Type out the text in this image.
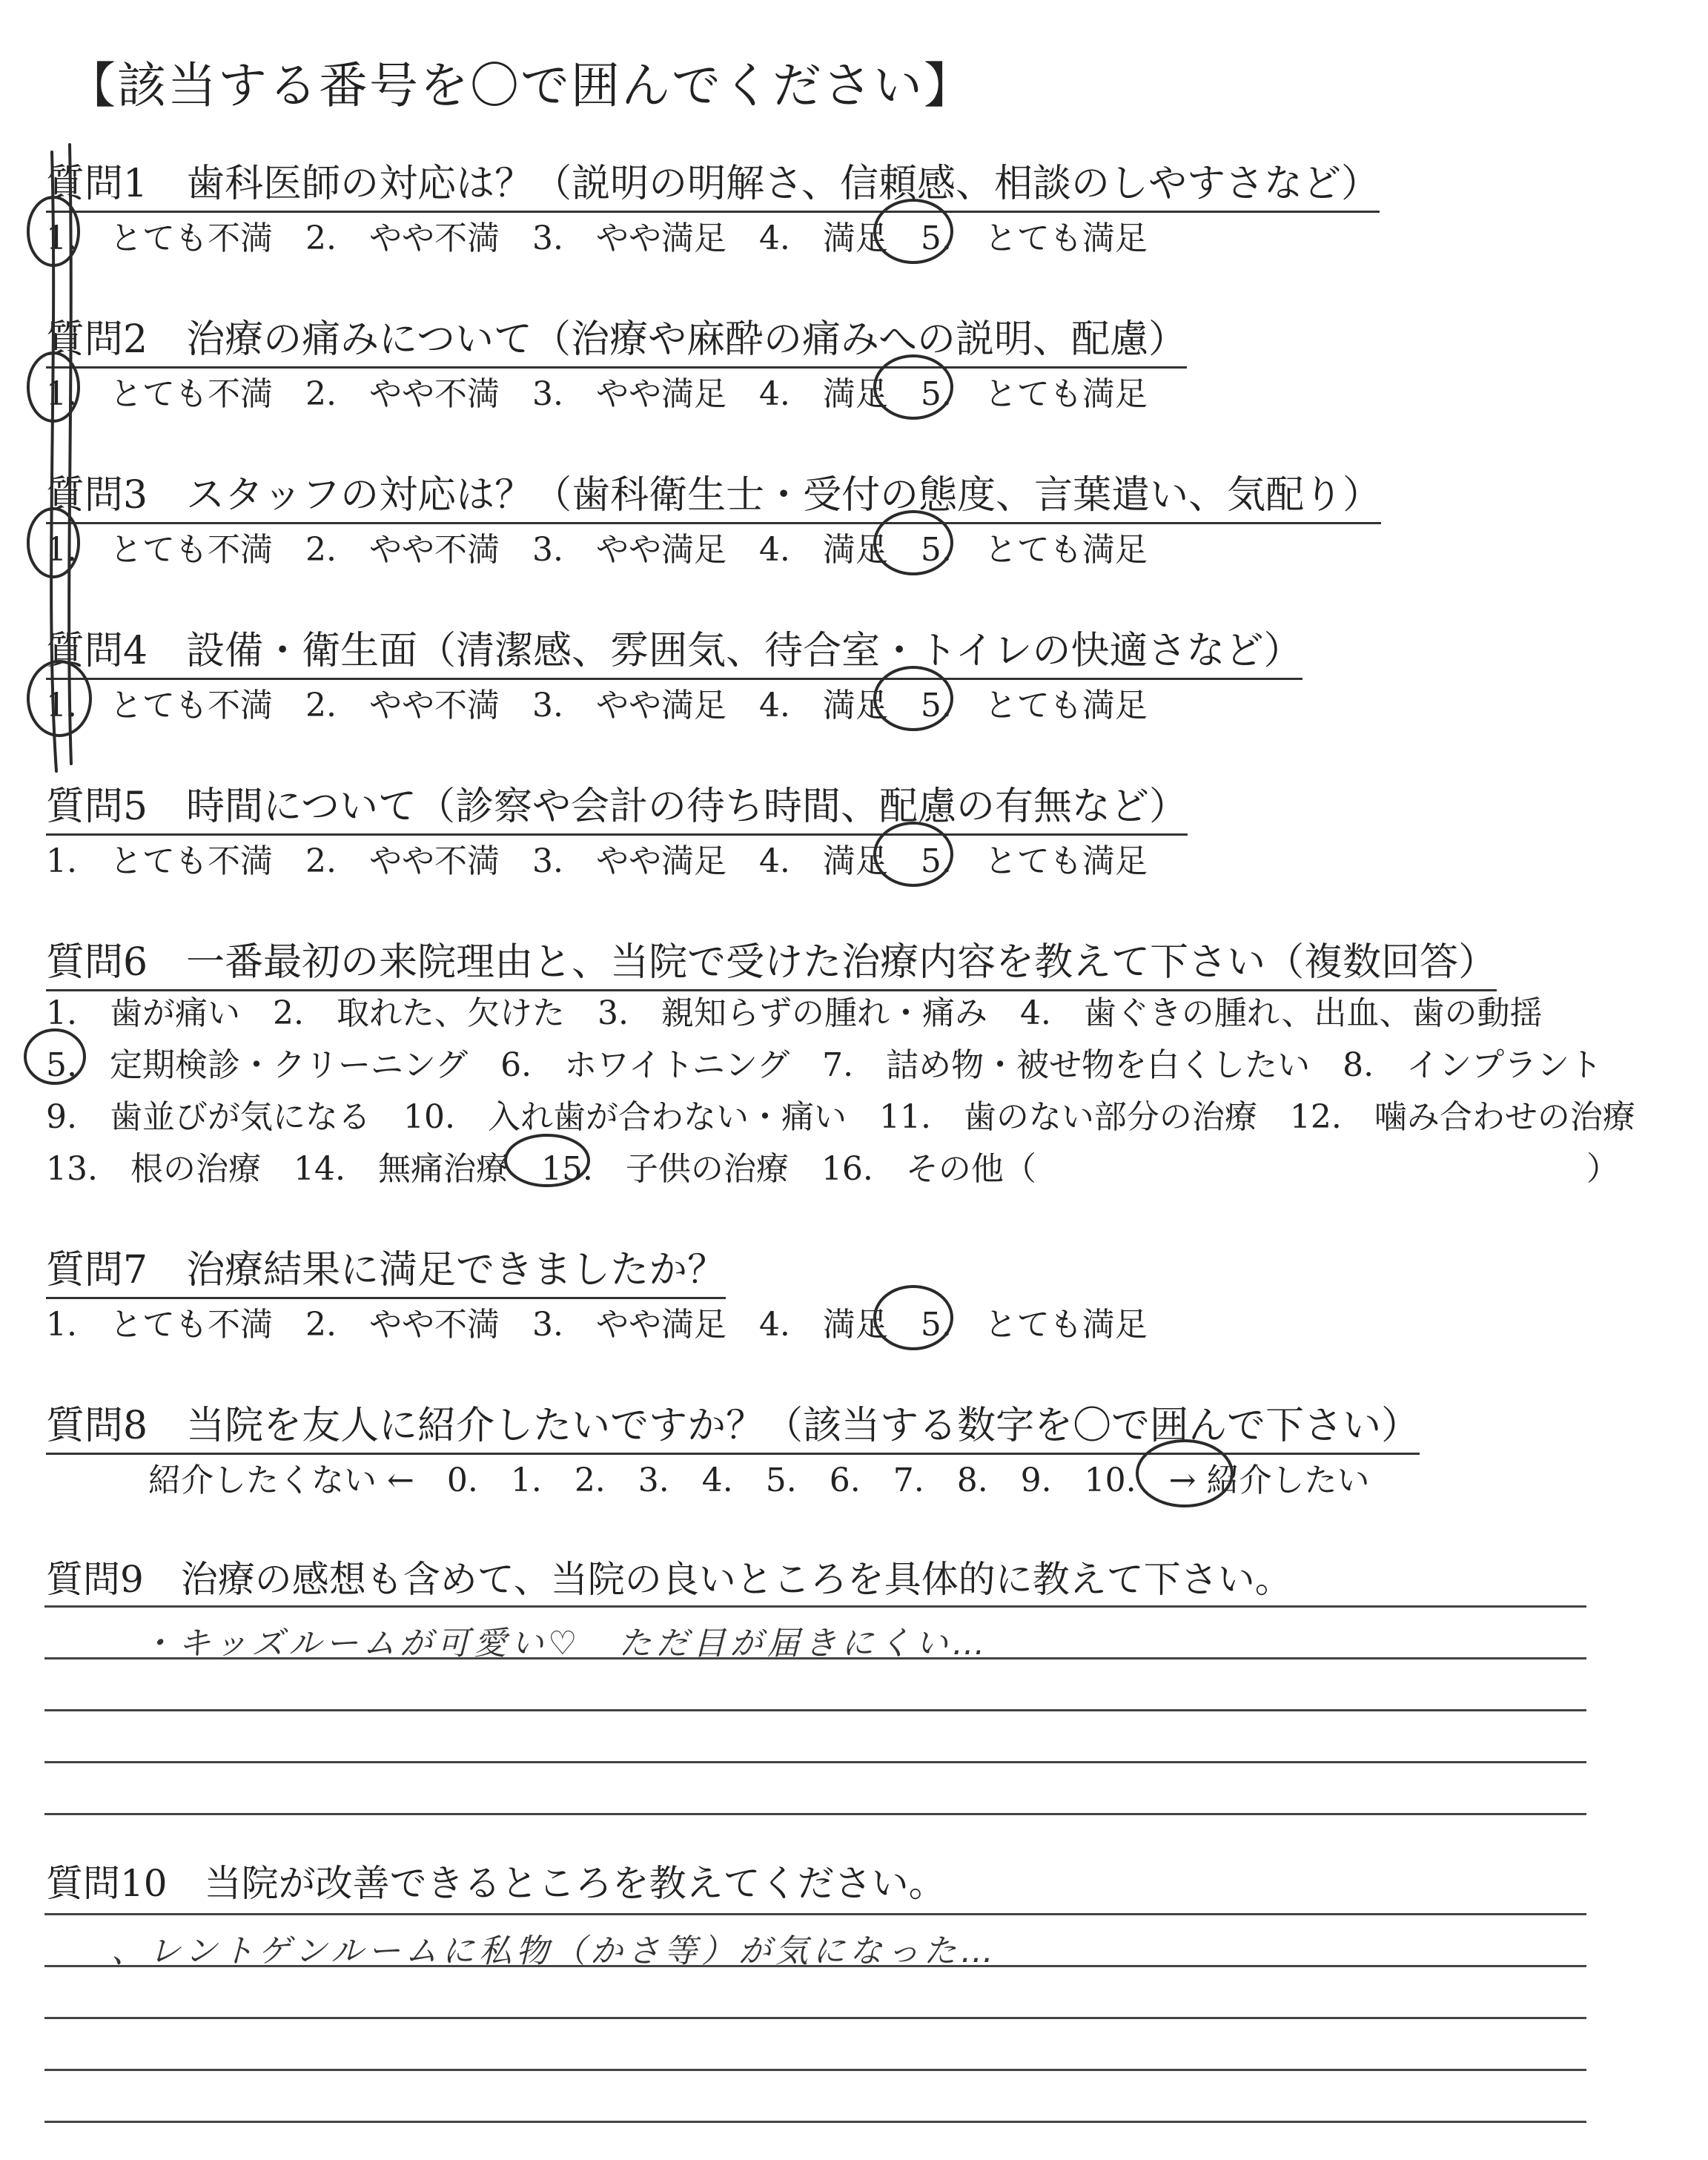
【該当する番号を〇で囲んでください】
質問1　歯科医師の対応は？（説明の明解さ、信頼感、相談のしやすさなど）
1.　とても不満　2.　やや不満　3.　やや満足　4.　満足　5.　とても満足
質問2　治療の痛みについて（治療や麻酔の痛みへの説明、配慮）
1.　とても不満　2.　やや不満　3.　やや満足　4.　満足　5.　とても満足
質問3　スタッフの対応は？（歯科衛生士・受付の態度、言葉遣い、気配り）
1.　とても不満　2.　やや不満　3.　やや満足　4.　満足　5.　とても満足
質問4　設備・衛生面（清潔感、雰囲気、待合室・トイレの快適さなど）
1.　とても不満　2.　やや不満　3.　やや満足　4.　満足　5.　とても満足
質問5　時間について（診察や会計の待ち時間、配慮の有無など）
1.　とても不満　2.　やや不満　3.　やや満足　4.　満足　5.　とても満足
質問6　一番最初の来院理由と、当院で受けた治療内容を教えて下さい（複数回答）
1.　歯が痛い　2.　取れた、欠けた　3.　親知らずの腫れ・痛み　4.　歯ぐきの腫れ、出血、歯の動揺
5.　定期検診・クリーニング　6.　ホワイトニング　7.　詰め物・被せ物を白くしたい　8.　インプラント
9.　歯並びが気になる　10.　入れ歯が合わない・痛い　11.　歯のない部分の治療　12.　噛み合わせの治療
13.　根の治療　14.　無痛治療　15.　子供の治療　16.　その他（	）
質問7　治療結果に満足できましたか？
1.　とても不満　2.　やや不満　3.　やや満足　4.　満足　5.　とても満足
質問8　当院を友人に紹介したいですか？（該当する数字を〇で囲んで下さい）
紹介したくない ←　0.　1.　2.　3.　4.　5.　6.　7.　8.　9.　10.　→ 紹介したい
質問9　治療の感想も含めて、当院の良いところを具体的に教えて下さい。
・キッズルームが可愛い♡　ただ目が届きにくい…
質問10　当院が改善できるところを教えてください。
、レントゲンルームに私物（かさ等）が気になった…
